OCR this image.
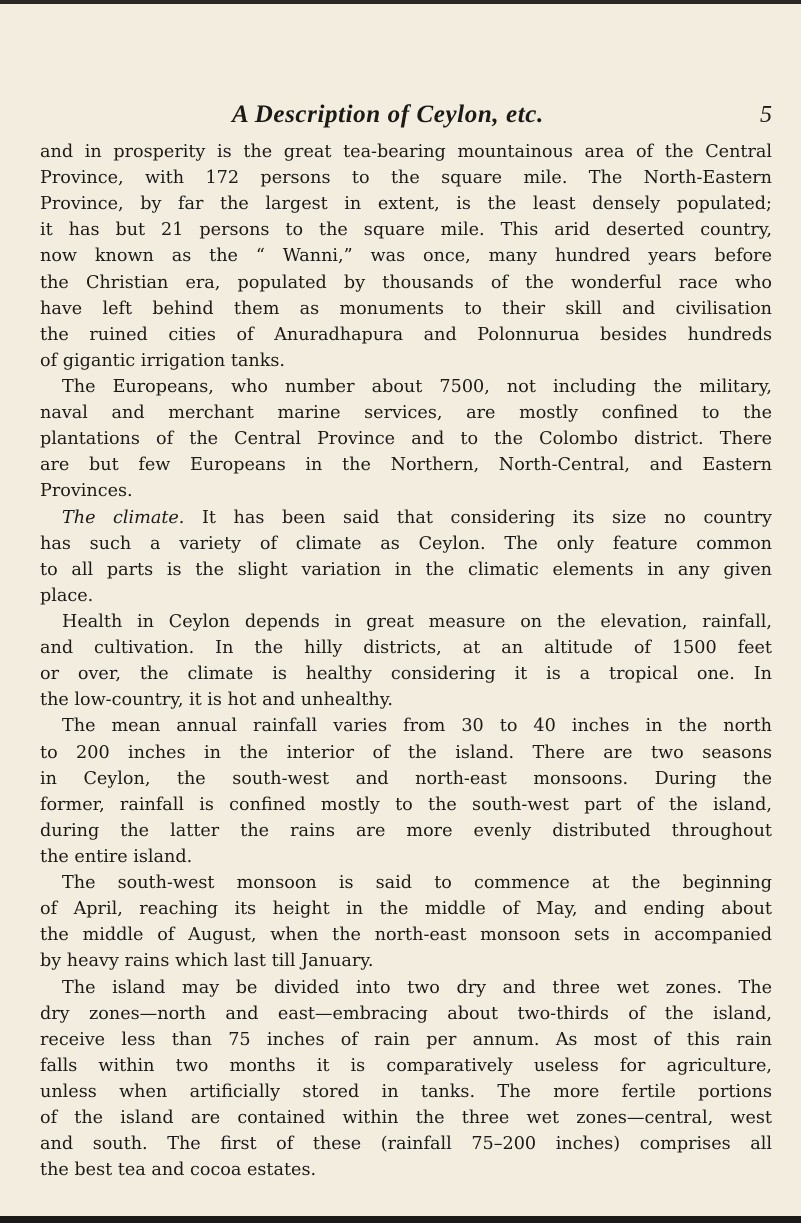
A Description of Ceylon, etc.	5
and in prosperity is the great tea-bearing mountainous area of the Central
Province, with 172 persons to the square mile. The North-Eastern
Province, by far the largest in extent, is the least densely populated;
it has but 21 persons to the square mile. This arid deserted country,
now known as the “ Wanni,” was once, many hundred years before
the Christian era, populated by thousands of the wonderful race who
have left behind them as monuments to their skill and civilisation
the ruined cities of Anuradhapura and Polonnurua besides hundreds
of gigantic irrigation tanks.
The Europeans, who number about 7500, not including the military,
naval and merchant marine services, are mostly confined to the
plantations of the Central Province and to the Colombo district. There
are but few Europeans in the Northern, North-Central, and Eastern
Provinces.
The climate. It has been said that considering its size no country
has such a variety of climate as Ceylon. The only feature common
to all parts is the slight variation in the climatic elements in any given
place.
Health in Ceylon depends in great measure on the elevation, rainfall,
and cultivation. In the hilly districts, at an altitude of 1500 feet
or over, the climate is healthy considering it is a tropical one. In
the low-country, it is hot and unhealthy.
The mean annual rainfall varies from 30 to 40 inches in the north
to 200 inches in the interior of the island. There are two seasons
in Ceylon, the south-west and north-east monsoons. During the
former, rainfall is confined mostly to the south-west part of the island,
during the latter the rains are more evenly distributed throughout
the entire island.
The south-west monsoon is said to commence at the beginning
of April, reaching its height in the middle of May, and ending about
the middle of August, when the north-east monsoon sets in accompanied
by heavy rains which last till January.
The island may be divided into two dry and three wet zones. The
dry zones—north and east—embracing about two-thirds of the island,
receive less than 75 inches of rain per annum. As most of this rain
falls within two months it is comparatively useless for agriculture,
unless when artificially stored in tanks. The more fertile portions
of the island are contained within the three wet zones—central, west
and south. The first of these (rainfall 75–200 inches) comprises all
the best tea and cocoa estates.
